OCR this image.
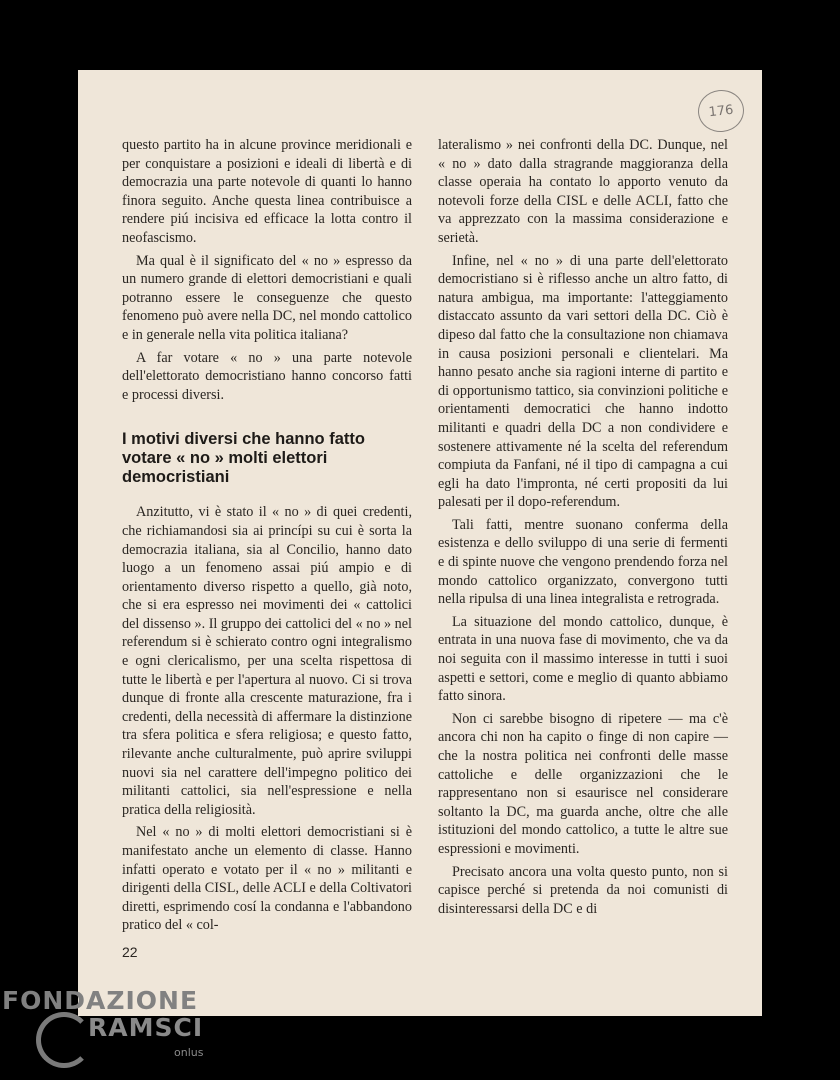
176

questo partito ha in alcune province meridionali e per conquistare a posizioni e ideali di libertà e di democrazia una parte notevole di quanti lo hanno finora seguito. Anche questa linea contribuisce a rendere piú incisiva ed efficace la lotta contro il neofascismo.

Ma qual è il significato del « no » espresso da un numero grande di elettori democristiani e quali potranno essere le conseguenze che questo fenomeno può avere nella DC, nel mondo cattolico e in generale nella vita politica italiana?

A far votare « no » una parte notevole dell'elettorato democristiano hanno concorso fatti e processi diversi.

I motivi diversi che hanno fatto votare « no » molti elettori democristiani

Anzitutto, vi è stato il « no » di quei credenti, che richiamandosi sia ai princípi su cui è sorta la democrazia italiana, sia al Concilio, hanno dato luogo a un fenomeno assai piú ampio e di orientamento diverso rispetto a quello, già noto, che si era espresso nei movimenti dei « cattolici del dissenso ». Il gruppo dei cattolici del « no » nel referendum si è schierato contro ogni integralismo e ogni clericalismo, per una scelta rispettosa di tutte le libertà e per l'apertura al nuovo. Ci si trova dunque di fronte alla crescente maturazione, fra i credenti, della necessità di affermare la distinzione tra sfera politica e sfera religiosa; e questo fatto, rilevante anche culturalmente, può aprire sviluppi nuovi sia nel carattere dell'impegno politico dei militanti cattolici, sia nell'espressione e nella pratica della religiosità.

Nel « no » di molti elettori democristiani si è manifestato anche un elemento di classe. Hanno infatti operato e votato per il « no » militanti e dirigenti della CISL, delle ACLI e della Coltivatori diretti, esprimendo cosí la condanna e l'abbandono pratico del « col-

lateralismo » nei confronti della DC. Dunque, nel « no » dato dalla stragrande maggioranza della classe operaia ha contato lo apporto venuto da notevoli forze della CISL e delle ACLI, fatto che va apprezzato con la massima considerazione e serietà.

Infine, nel « no » di una parte dell'elettorato democristiano si è riflesso anche un altro fatto, di natura ambigua, ma importante: l'atteggiamento distaccato assunto da vari settori della DC. Ciò è dipeso dal fatto che la consultazione non chiamava in causa posizioni personali e clientelari. Ma hanno pesato anche sia ragioni interne di partito e di opportunismo tattico, sia convinzioni politiche e orientamenti democratici che hanno indotto militanti e quadri della DC a non condividere e sostenere attivamente né la scelta del referendum compiuta da Fanfani, né il tipo di campagna a cui egli ha dato l'impronta, né certi propositi da lui palesati per il dopo-referendum.

Tali fatti, mentre suonano conferma della esistenza e dello sviluppo di una serie di fermenti e di spinte nuove che vengono prendendo forza nel mondo cattolico organizzato, convergono tutti nella ripulsa di una linea integralista e retrograda.

La situazione del mondo cattolico, dunque, è entrata in una nuova fase di movimento, che va da noi seguita con il massimo interesse in tutti i suoi aspetti e settori, come e meglio di quanto abbiamo fatto sinora.

Non ci sarebbe bisogno di ripetere — ma c'è ancora chi non ha capito o finge di non capire — che la nostra politica nei confronti delle masse cattoliche e delle organizzazioni che le rappresentano non si esaurisce nel considerare soltanto la DC, ma guarda anche, oltre che alle istituzioni del mondo cattolico, a tutte le altre sue espressioni e movimenti.

Precisato ancora una volta questo punto, non si capisce perché si pretenda da noi comunisti di disinteressarsi della DC e di

22
FONDAZIONE
RAMSCI
onlus
